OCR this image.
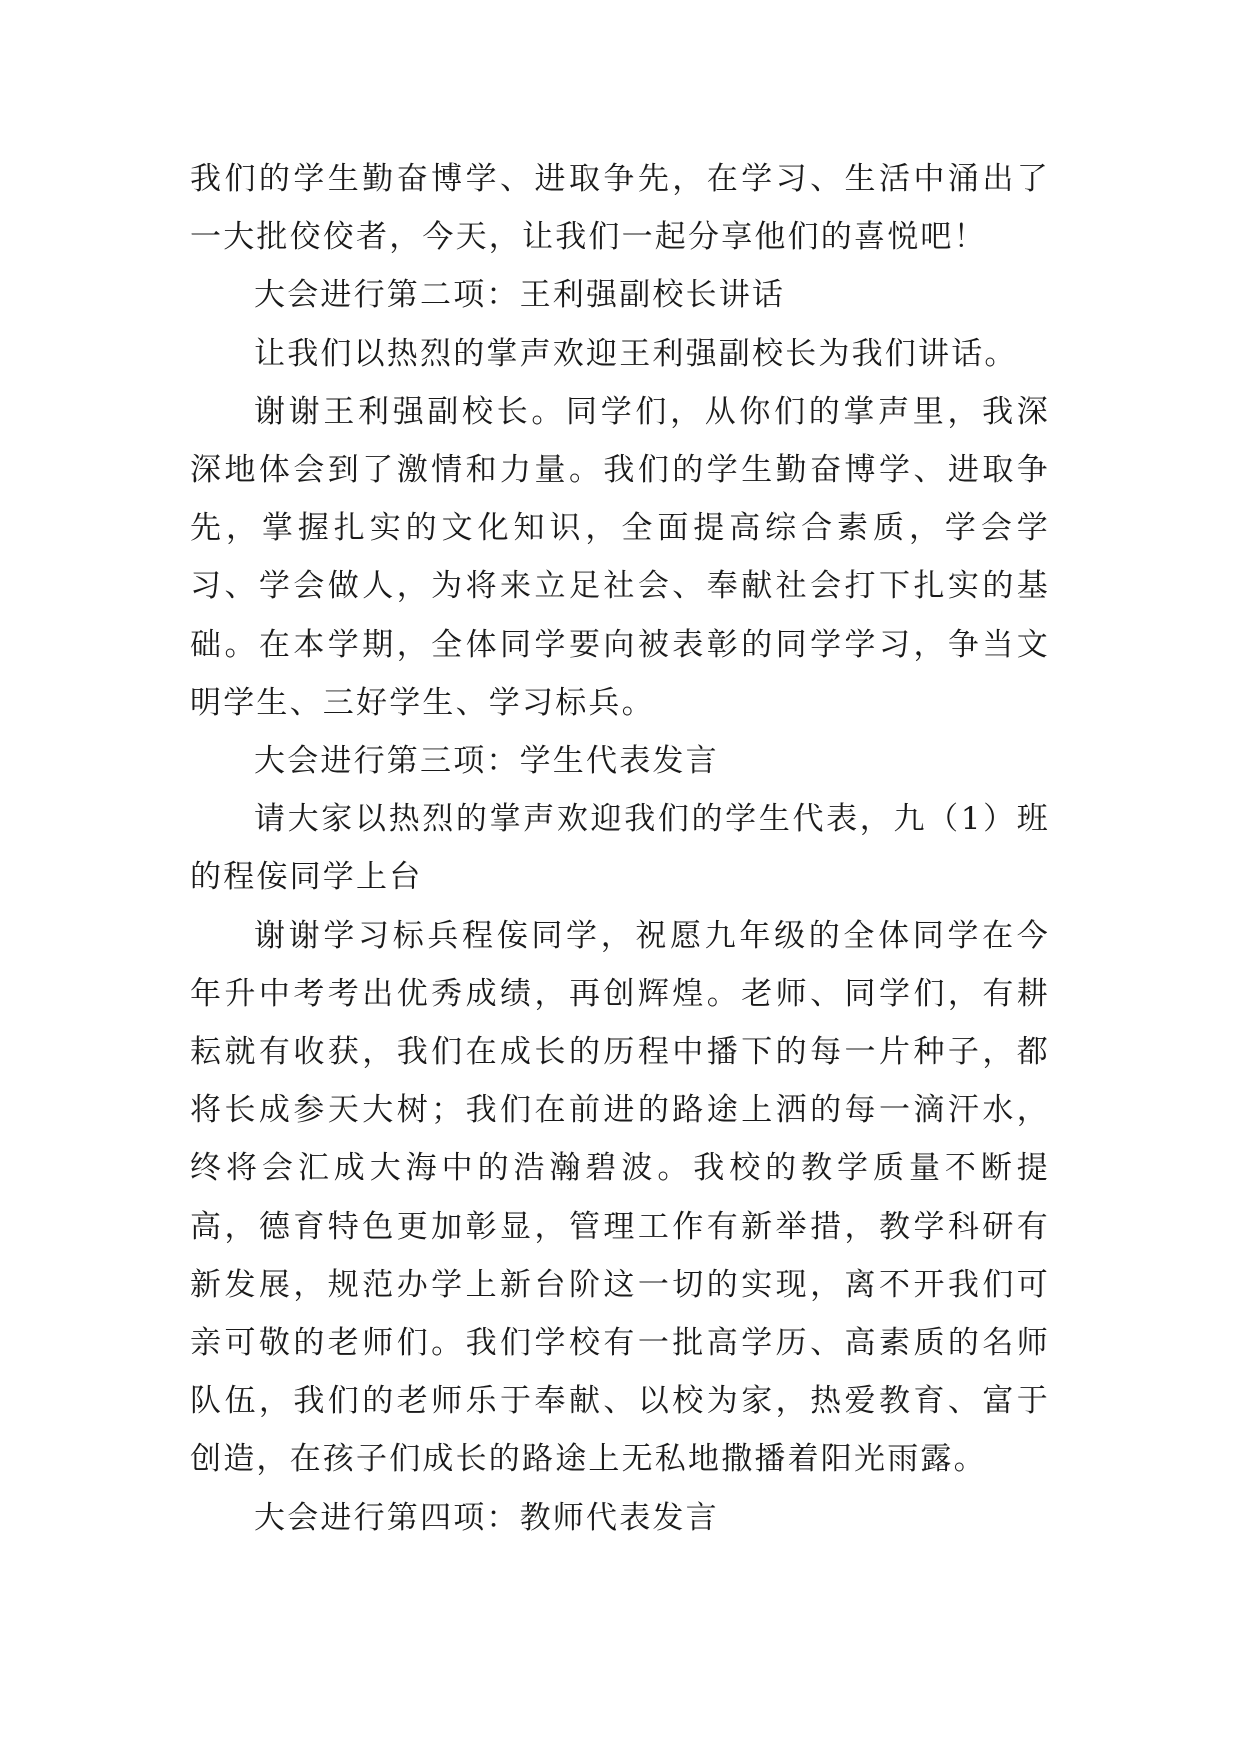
我们的学生勤奋博学、进取争先，在学习、生活中涌出了一大批佼佼者，今天，让我们一起分享他们的喜悦吧！

大会进行第二项：王利强副校长讲话

让我们以热烈的掌声欢迎王利强副校长为我们讲话。

谢谢王利强副校长。同学们，从你们的掌声里，我深深地体会到了激情和力量。我们的学生勤奋博学、进取争先，掌握扎实的文化知识，全面提高综合素质，学会学习、学会做人，为将来立足社会、奉献社会打下扎实的基础。在本学期，全体同学要向被表彰的同学学习，争当文明学生、三好学生、学习标兵。

大会进行第三项：学生代表发言

请大家以热烈的掌声欢迎我们的学生代表，九（1）班的程侫同学上台

谢谢学习标兵程侫同学，祝愿九年级的全体同学在今年升中考考出优秀成绩，再创辉煌。老师、同学们，有耕耘就有收获，我们在成长的历程中播下的每一片种子，都将长成参天大树；我们在前进的路途上洒的每一滴汗水，终将会汇成大海中的浩瀚碧波。我校的教学质量不断提高，德育特色更加彰显，管理工作有新举措，教学科研有新发展，规范办学上新台阶这一切的实现，离不开我们可亲可敬的老师们。我们学校有一批高学历、高素质的名师队伍，我们的老师乐于奉献、以校为家，热爱教育、富于创造，在孩子们成长的路途上无私地撒播着阳光雨露。

大会进行第四项：教师代表发言
